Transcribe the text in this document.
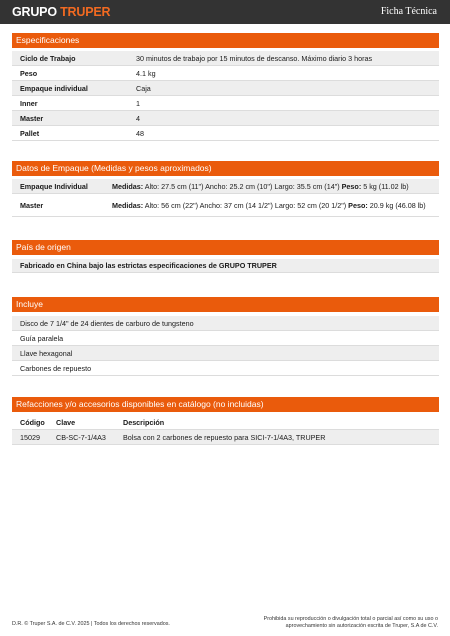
GRUPO TRUPER	Ficha Técnica
Especificaciones
Ciclo de Trabajo	30 minutos de trabajo por 15 minutos de descanso. Máximo diario 3 horas
Peso	4.1 kg
Empaque individual	Caja
Inner	1
Master	4
Pallet	48
Datos de Empaque (Medidas y pesos aproximados)
Empaque Individual	Medidas: Alto: 27.5 cm (11") Ancho: 25.2 cm (10") Largo: 35.5 cm (14") Peso: 5 kg (11.02 lb)
Master	Medidas: Alto: 56 cm (22") Ancho: 37 cm (14 1/2") Largo: 52 cm (20 1/2") Peso: 20.9 kg (46.08 lb)
País de origen
Fabricado en China bajo las estrictas especificaciones de GRUPO TRUPER
Incluye
Disco de 7 1/4" de 24 dientes de carburo de tungsteno
Guía paralela
Llave hexagonal
Carbones de repuesto
Refacciones y/o accesorios disponibles en catálogo (no incluidas)
Código	Clave	Descripción
15029	CB-SC-7-1/4A3	Bolsa con 2 carbones de repuesto para SICI-7-1/4A3, TRUPER
D.R. © Truper S.A. de C.V. 2025 | Todos los derechos reservados.
Prohibida su reproducción o divulgación total o parcial así como su uso o
aprovechamiento sin autorización escrita de Truper, S.A de C.V.
